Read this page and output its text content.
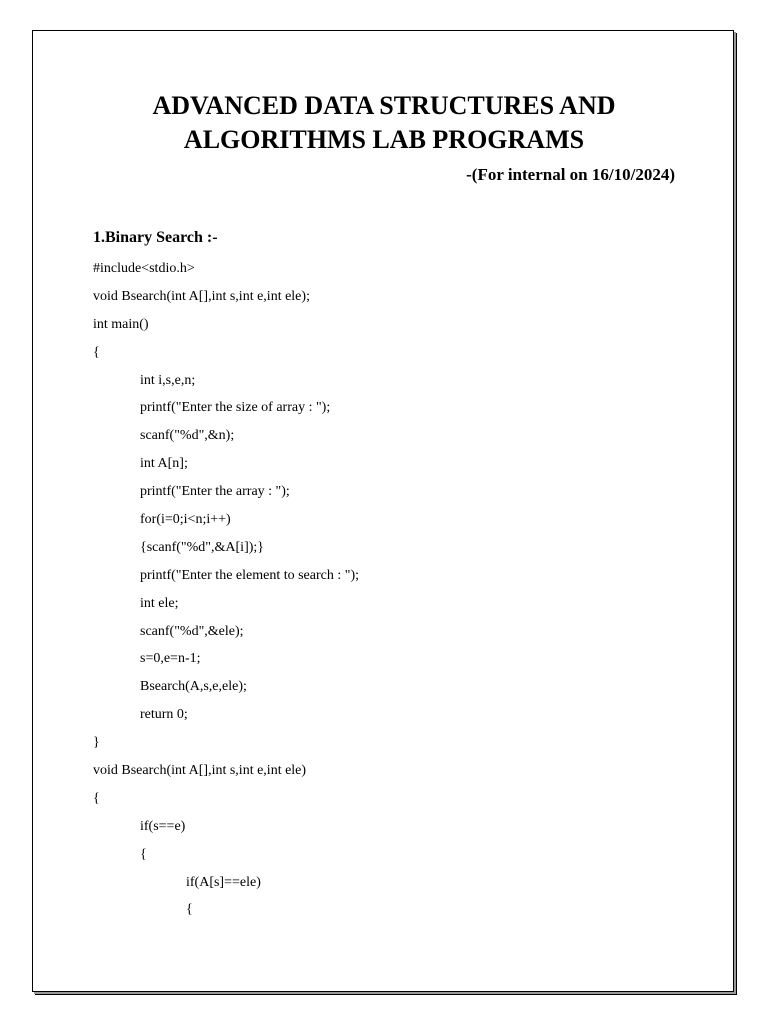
ADVANCED DATA STRUCTURES AND
ALGORITHMS LAB PROGRAMS
-(For internal on 16/10/2024)
1.Binary Search :-
#include<stdio.h>
void Bsearch(int A[],int s,int e,int ele);
int main()
{
int i,s,e,n;
printf("Enter the size of array : ");
scanf("%d",&n);
int A[n];
printf("Enter the array : ");
for(i=0;i<n;i++)
{scanf("%d",&A[i]);}
printf("Enter the element to search : ");
int ele;
scanf("%d",&ele);
s=0,e=n-1;
Bsearch(A,s,e,ele);
return 0;
}
void Bsearch(int A[],int s,int e,int ele)
{
if(s==e)
{
if(A[s]==ele)
{
